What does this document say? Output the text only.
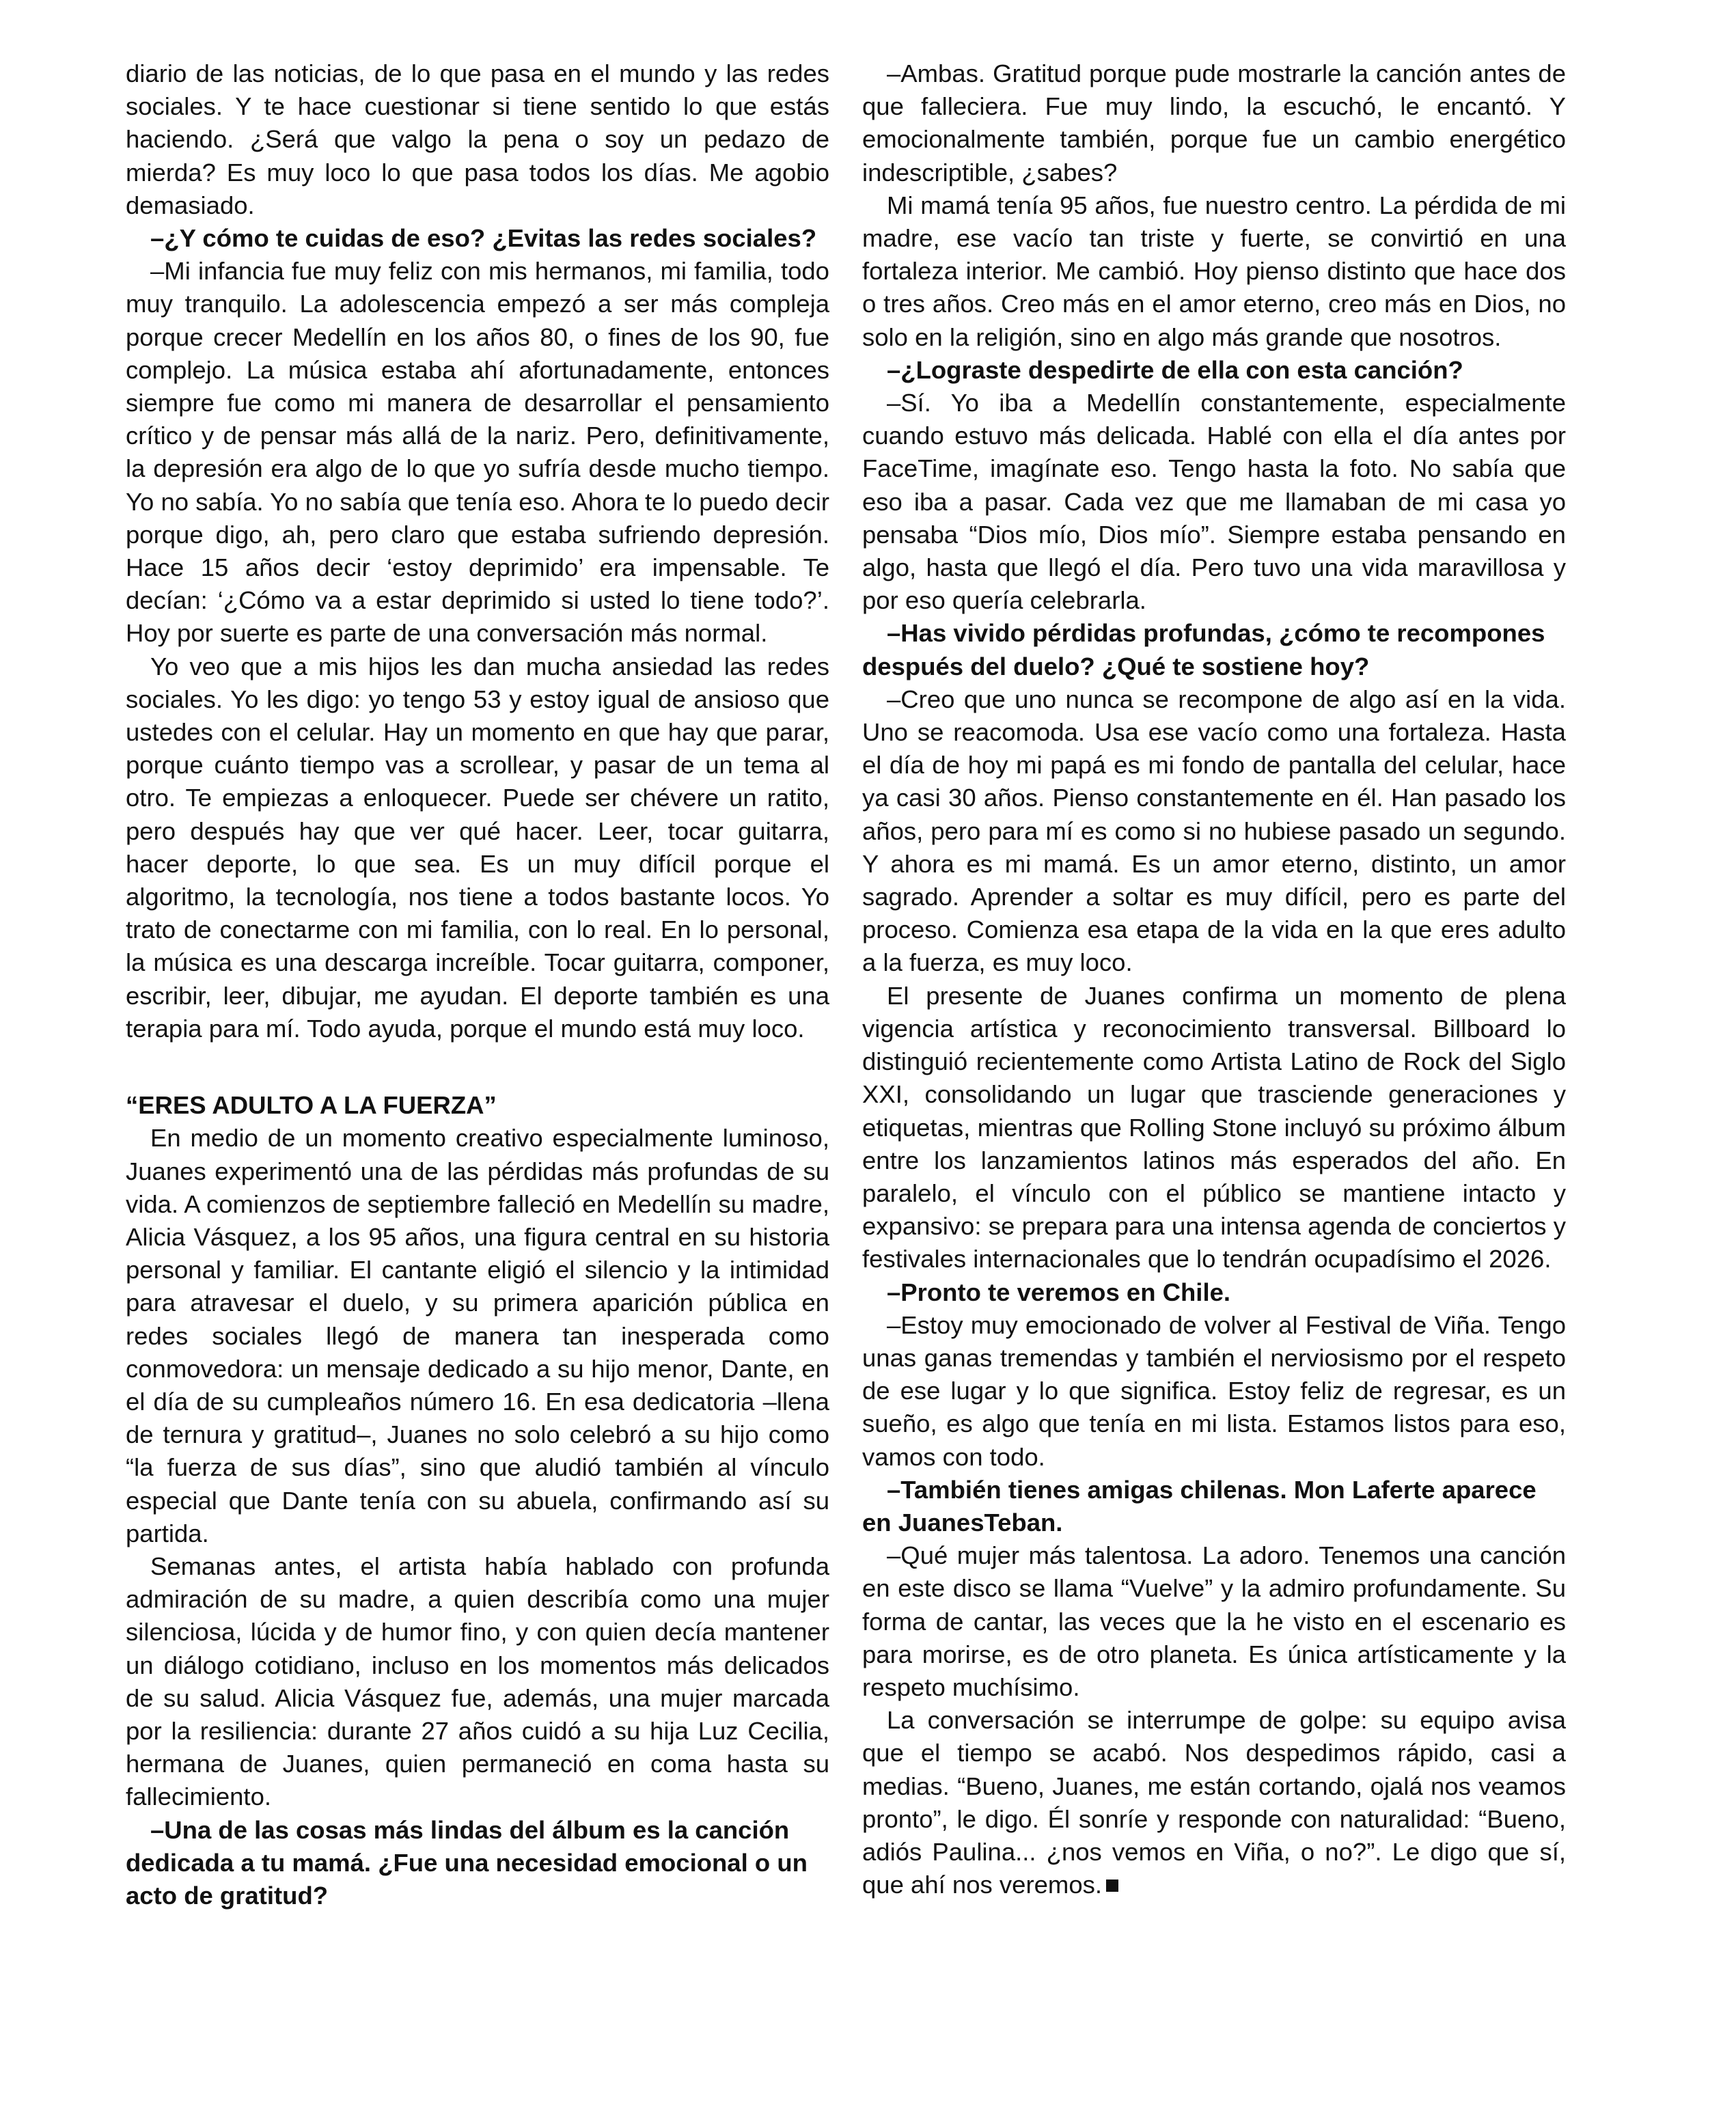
diario de las noticias, de lo que pasa en el mundo y las redes sociales. Y te hace cuestionar si tiene sentido lo que estás haciendo. ¿Será que valgo la pena o soy un pedazo de mierda? Es muy loco lo que pasa todos los días. Me agobio demasiado.

–¿Y cómo te cuidas de eso? ¿Evitas las redes sociales?

–Mi infancia fue muy feliz con mis hermanos, mi familia, todo muy tranquilo. La adolescencia empezó a ser más compleja porque crecer Medellín en los años 80, o fines de los 90, fue complejo. La música estaba ahí afortunadamente, entonces siempre fue como mi manera de desarrollar el pensamiento crítico y de pensar más allá de la nariz. Pero, definitivamente, la depresión era algo de lo que yo sufría desde mucho tiempo. Yo no sabía. Yo no sabía que tenía eso. Ahora te lo puedo decir porque digo, ah, pero claro que estaba sufriendo depresión. Hace 15 años decir ‘estoy deprimido’ era impensable. Te decían: ‘¿Cómo va a estar deprimido si usted lo tiene todo?’. Hoy por suerte es parte de una conversación más normal.

Yo veo que a mis hijos les dan mucha ansiedad las redes sociales. Yo les digo: yo tengo 53 y estoy igual de ansioso que ustedes con el celular. Hay un momento en que hay que parar, porque cuánto tiempo vas a scrollear, y pasar de un tema al otro. Te empiezas a enloquecer. Puede ser chévere un ratito, pero después hay que ver qué hacer. Leer, tocar guitarra, hacer deporte, lo que sea. Es un muy difícil porque el algoritmo, la tecnología, nos tiene a todos bastante locos. Yo trato de conectarme con mi familia, con lo real. En lo personal, la música es una descarga increíble. Tocar guitarra, componer, escribir, leer, dibujar, me ayudan. El deporte también es una terapia para mí. Todo ayuda, porque el mundo está muy loco.

“ERES ADULTO A LA FUERZA”

En medio de un momento creativo especialmente luminoso, Juanes experimentó una de las pérdidas más profundas de su vida. A comienzos de septiembre falleció en Medellín su madre, Alicia Vásquez, a los 95 años, una figura central en su historia personal y familiar. El cantante eligió el silencio y la intimidad para atravesar el duelo, y su primera aparición pública en redes sociales llegó de manera tan inesperada como conmovedora: un mensaje dedicado a su hijo menor, Dante, en el día de su cumpleaños número 16. En esa dedicatoria –llena de ternura y gratitud–, Juanes no solo celebró a su hijo como “la fuerza de sus días”, sino que aludió también al vínculo especial que Dante tenía con su abuela, confirmando así su partida.

Semanas antes, el artista había hablado con profunda admiración de su madre, a quien describía como una mujer silenciosa, lúcida y de humor fino, y con quien decía mantener un diálogo cotidiano, incluso en los momentos más delicados de su salud. Alicia Vásquez fue, además, una mujer marcada por la resiliencia: durante 27 años cuidó a su hija Luz Cecilia, hermana de Juanes, quien permaneció en coma hasta su fallecimiento.

–Una de las cosas más lindas del álbum es la canción dedicada a tu mamá. ¿Fue una necesidad emocional o un acto de gratitud?

–Ambas. Gratitud porque pude mostrarle la canción antes de que falleciera. Fue muy lindo, la escuchó, le encantó. Y emocionalmente también, porque fue un cambio energético indescriptible, ¿sabes?

Mi mamá tenía 95 años, fue nuestro centro. La pérdida de mi madre, ese vacío tan triste y fuerte, se convirtió en una fortaleza interior. Me cambió. Hoy pienso distinto que hace dos o tres años. Creo más en el amor eterno, creo más en Dios, no solo en la religión, sino en algo más grande que nosotros.

–¿Lograste despedirte de ella con esta canción?

–Sí. Yo iba a Medellín constantemente, especialmente cuando estuvo más delicada. Hablé con ella el día antes por FaceTime, imagínate eso. Tengo hasta la foto. No sabía que eso iba a pasar. Cada vez que me llamaban de mi casa yo pensaba “Dios mío, Dios mío”. Siempre estaba pensando en algo, hasta que llegó el día. Pero tuvo una vida maravillosa y por eso quería celebrarla.

–Has vivido pérdidas profundas, ¿cómo te recompones después del duelo? ¿Qué te sostiene hoy?

–Creo que uno nunca se recompone de algo así en la vida. Uno se reacomoda. Usa ese vacío como una fortaleza. Hasta el día de hoy mi papá es mi fondo de pantalla del celular, hace ya casi 30 años. Pienso constantemente en él. Han pasado los años, pero para mí es como si no hubiese pasado un segundo. Y ahora es mi mamá. Es un amor eterno, distinto, un amor sagrado. Aprender a soltar es muy difícil, pero es parte del proceso. Comienza esa etapa de la vida en la que eres adulto a la fuerza, es muy loco.

El presente de Juanes confirma un momento de plena vigencia artística y reconocimiento transversal. Billboard lo distinguió recientemente como Artista Latino de Rock del Siglo XXI, consolidando un lugar que trasciende generaciones y etiquetas, mientras que Rolling Stone incluyó su próximo álbum entre los lanzamientos latinos más esperados del año. En paralelo, el vínculo con el público se mantiene intacto y expansivo: se prepara para una intensa agenda de conciertos y festivales internacionales que lo tendrán ocupadísimo el 2026.

–Pronto te veremos en Chile.

–Estoy muy emocionado de volver al Festival de Viña. Tengo unas ganas tremendas y también el nerviosismo por el respeto de ese lugar y lo que significa. Estoy feliz de regresar, es un sueño, es algo que tenía en mi lista. Estamos listos para eso, vamos con todo.

–También tienes amigas chilenas. Mon Laferte aparece en JuanesTeban.

–Qué mujer más talentosa. La adoro. Tenemos una canción en este disco se llama “Vuelve” y la admiro profundamente. Su forma de cantar, las veces que la he visto en el escenario es para morirse, es de otro planeta. Es única artísticamente y la respeto muchísimo.

La conversación se interrumpe de golpe: su equipo avisa que el tiempo se acabó. Nos despedimos rápido, casi a medias. “Bueno, Juanes, me están cortando, ojalá nos veamos pronto”, le digo. Él sonríe y responde con naturalidad: “Bueno, adiós Paulina... ¿nos vemos en Viña, o no?”. Le digo que sí, que ahí nos veremos.
